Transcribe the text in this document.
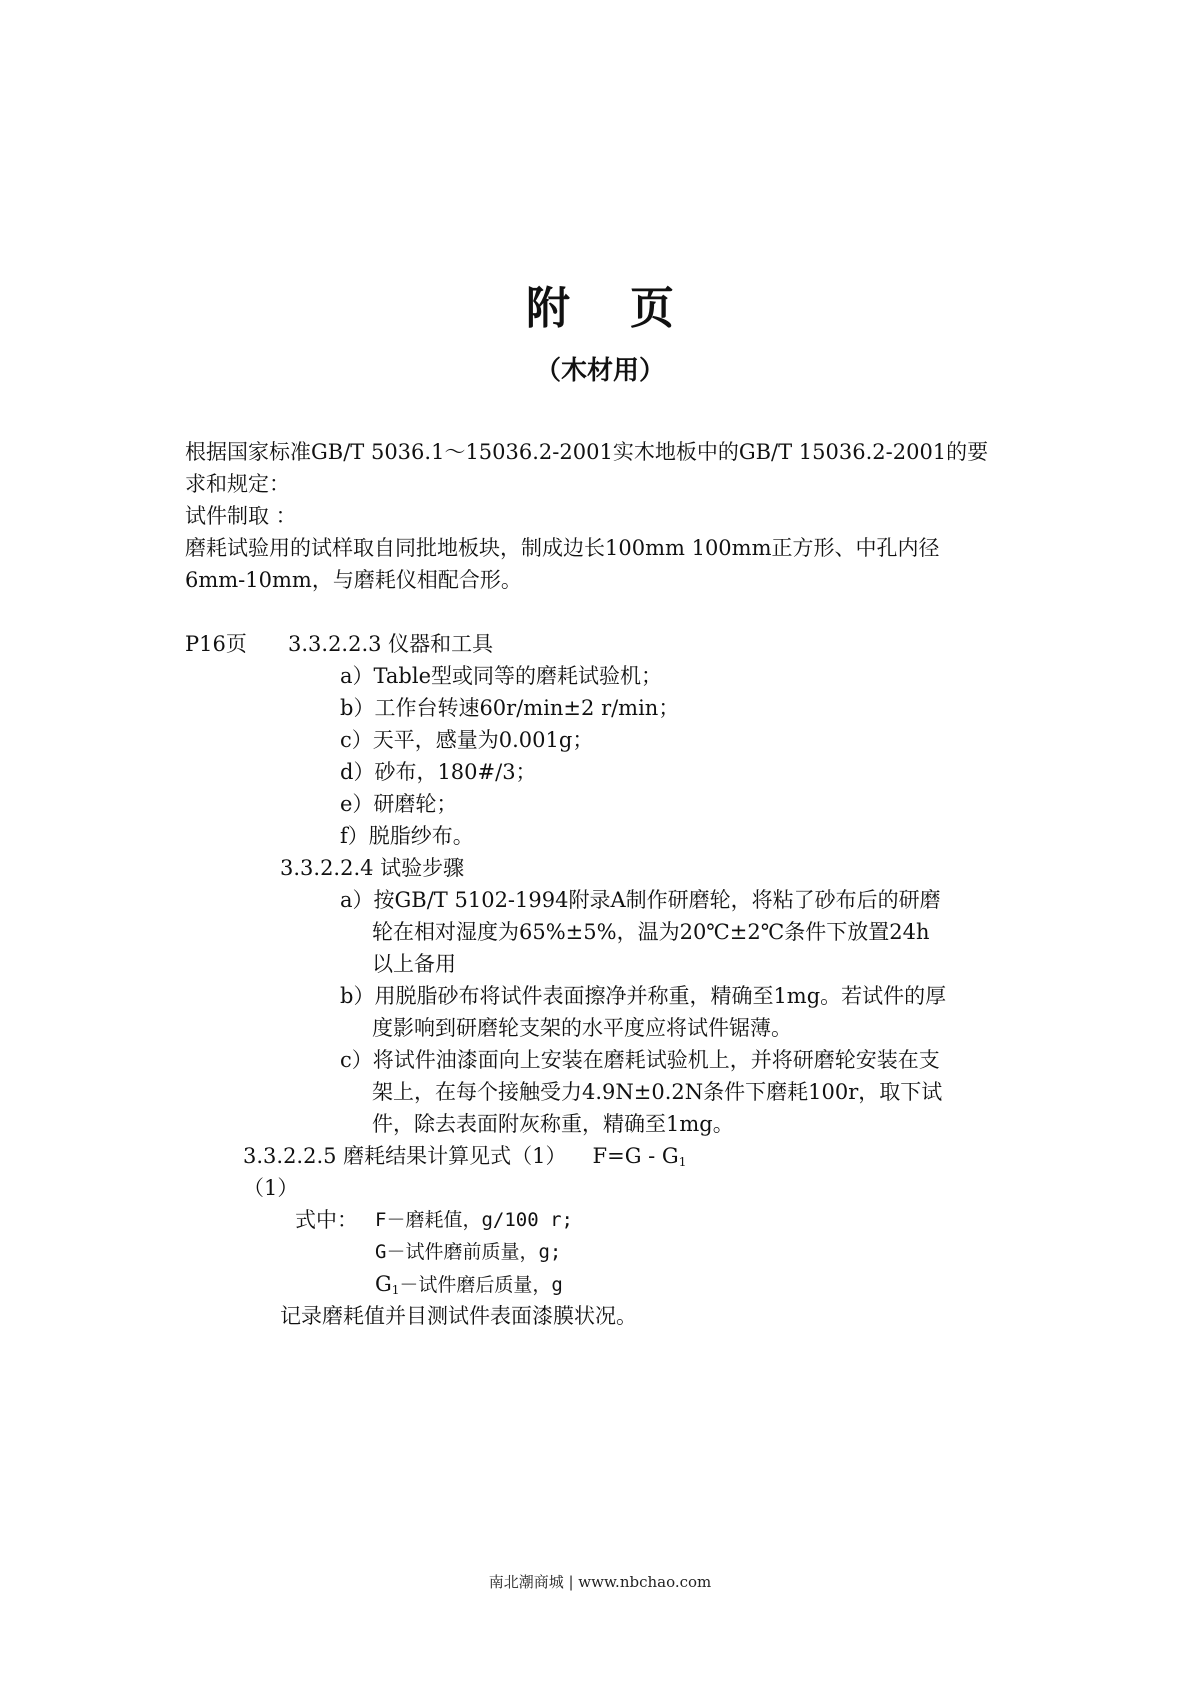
附页
（木材用）
根据国家标准GB/T 5036.1～15036.2-2001实木地板中的GB/T 15036.2-2001的要
求和规定：
试件制取 ：
磨耗试验用的试样取自同批地板块，制成边长100mm 100mm正方形、中孔内径
6mm-10mm，与磨耗仪相配合形。
P16页 3.3.2.2.3 仪器和工具
a）Table型或同等的磨耗试验机；
b）工作台转速60r/min±2 r/min；
c）天平，感量为0.001g；
d）砂布，180#/3；
e）研磨轮；
f）脱脂纱布。
3.3.2.2.4 试验步骤
a）按GB/T 5102-1994附录A制作研磨轮，将粘了砂布后的研磨
轮在相对湿度为65%±5%，温为20℃±2℃条件下放置24h
以上备用
b）用脱脂砂布将试件表面擦净并称重，精确至1mg。若试件的厚
度影响到研磨轮支架的水平度应将试件锯薄。
c）将试件油漆面向上安装在磨耗试验机上，并将研磨轮安装在支
架上，在每个接触受力4.9N±0.2N条件下磨耗100r，取下试
件，除去表面附灰称重，精确至1mg。
3.3.2.2.5 磨耗结果计算见式（1） $F=G - G_1$
（1）
式中： F－磨耗值，g/100 r;
G－试件磨前质量，g;
$G_1-$试件磨后质量，g
记录磨耗值并目测试件表面漆膜状况。
南北潮商城 | www.nbchao.com
